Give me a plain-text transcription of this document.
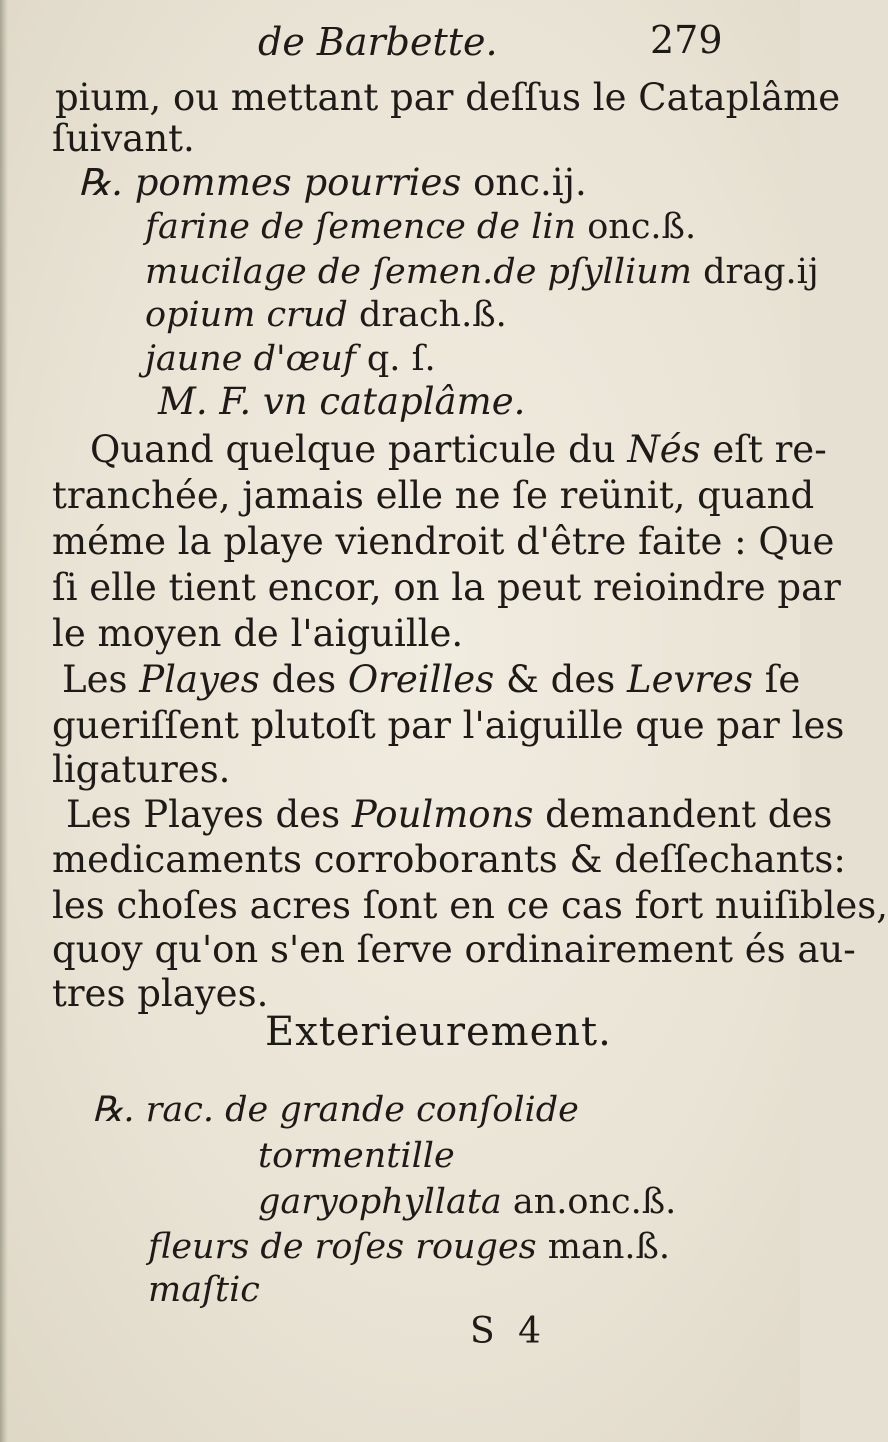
de Barbette.	279
pium, ou mettant par deſſus le Cataplâme
ſuivant.
℞. pommes pourries onc.ij.
farine de ſemence de lin onc.ß.
mucilage de ſemen.de pſyllium drag.ij
opium crud drach.ß.
jaune d'œuf q. ſ.
M. F. vn cataplâme.
Quand quelque particule du Nés eſt re-
tranchée, jamais elle ne ſe reünit, quand
méme la playe viendroit d'être faite : Que
ſi elle tient encor, on la peut reioindre par
le moyen de l'aiguille.
Les Playes des Oreilles & des Levres ſe
gueriſſent plutoſt par l'aiguille que par les
ligatures.
Les Playes des Poulmons demandent des
medicaments corroborants & deſſechants:
les choſes acres ſont en ce cas fort nuiſibles,
quoy qu'on s'en ſerve ordinairement és au-
tres playes.
Exterieurement.
℞. rac. de grande conſolide
tormentille
garyophyllata an.onc.ß.
fleurs de roſes rouges man.ß.
maſtic
S 4
